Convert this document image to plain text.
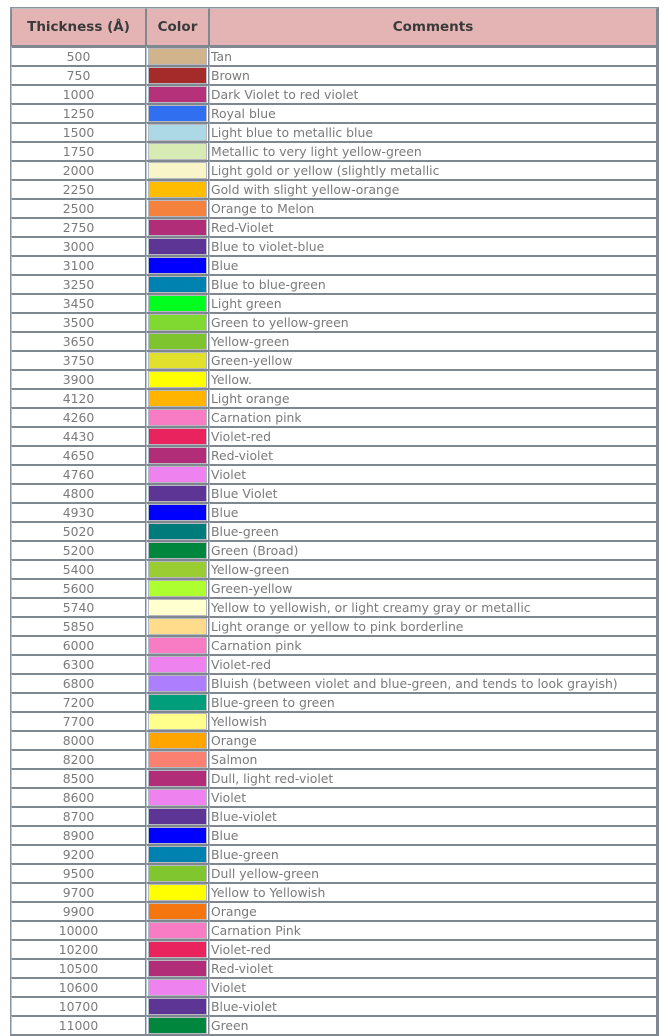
Thickness (Å)	Color	Comments
500		Tan
750		Brown
1000		Dark Violet to red violet
1250		Royal blue
1500		Light blue to metallic blue
1750		Metallic to very light yellow-green
2000		Light gold or yellow (slightly metallic
2250		Gold with slight yellow-orange
2500		Orange to Melon
2750		Red-Violet
3000		Blue to violet-blue
3100		Blue
3250		Blue to blue-green
3450		Light green
3500		Green to yellow-green
3650		Yellow-green
3750		Green-yellow
3900		Yellow.
4120		Light orange
4260		Carnation pink
4430		Violet-red
4650		Red-violet
4760		Violet
4800		Blue Violet
4930		Blue
5020		Blue-green
5200		Green (Broad)
5400		Yellow-green
5600		Green-yellow
5740		Yellow to yellowish, or light creamy gray or metallic
5850		Light orange or yellow to pink borderline
6000		Carnation pink
6300		Violet-red
6800		Bluish (between violet and blue-green, and tends to look grayish)
7200		Blue-green to green
7700		Yellowish
8000		Orange
8200		Salmon
8500		Dull, light red-violet
8600		Violet
8700		Blue-violet
8900		Blue
9200		Blue-green
9500		Dull yellow-green
9700		Yellow to Yellowish
9900		Orange
10000		Carnation Pink
10200		Violet-red
10500		Red-violet
10600		Violet
10700		Blue-violet
11000		Green
